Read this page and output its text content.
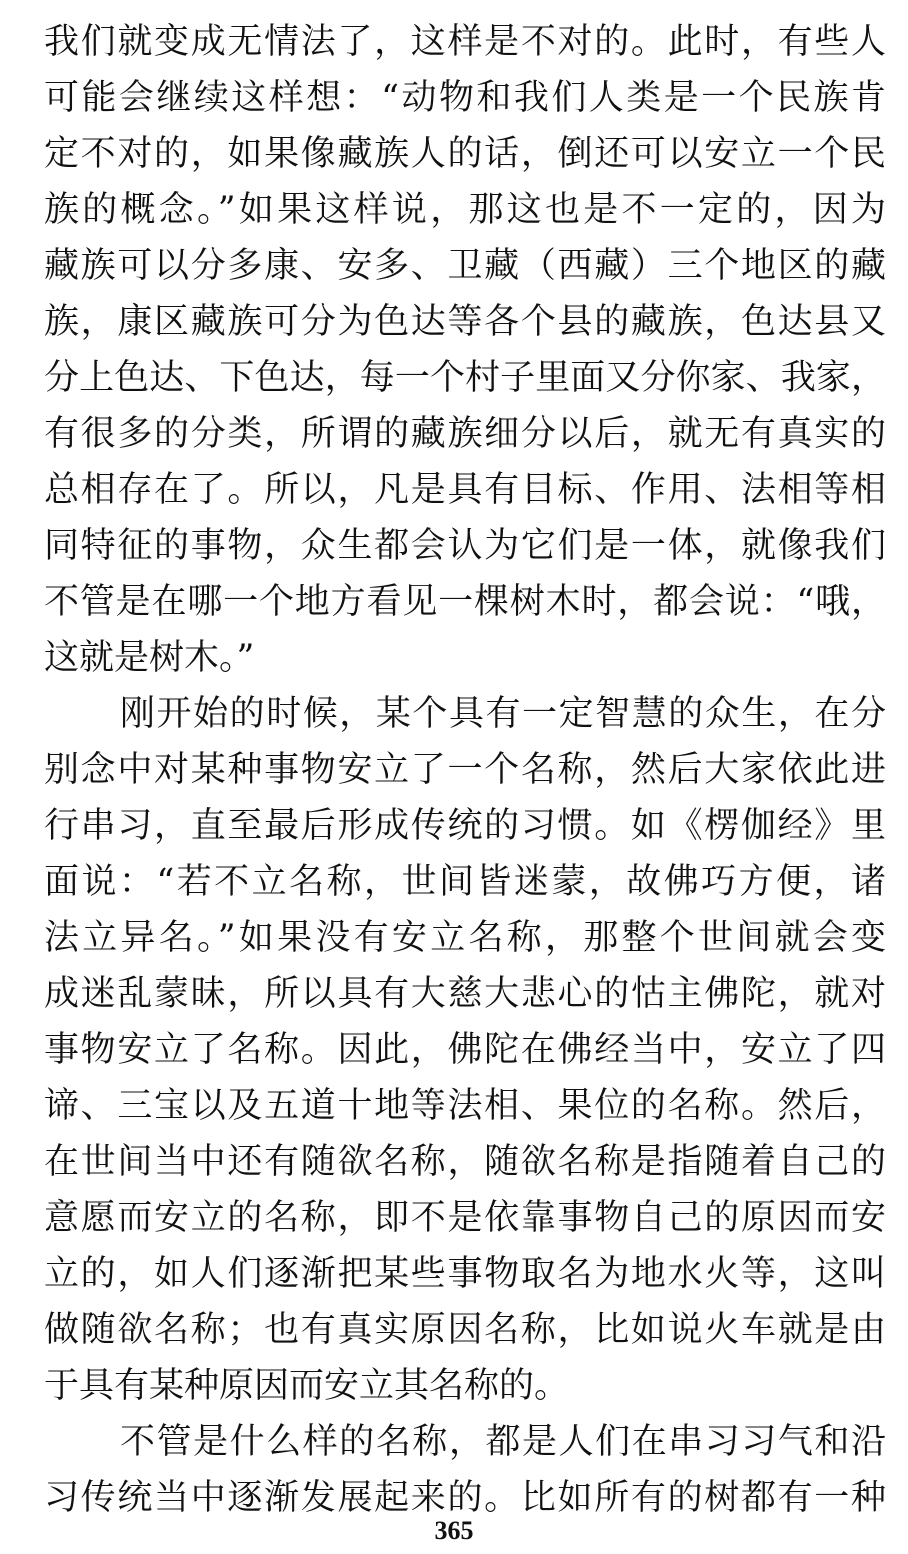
我们就变成无情法了，这样是不对的。此时，有些人
可能会继续这样想：“动物和我们人类是一个民族肯
定不对的，如果像藏族人的话，倒还可以安立一个民
族的概念。”如果这样说，那这也是不一定的，因为
藏族可以分多康、安多、卫藏（西藏）三个地区的藏
族，康区藏族可分为色达等各个县的藏族，色达县又
分上色达、下色达，每一个村子里面又分你家、我家，
有很多的分类，所谓的藏族细分以后，就无有真实的
总相存在了。所以，凡是具有目标、作用、法相等相
同特征的事物，众生都会认为它们是一体，就像我们
不管是在哪一个地方看见一棵树木时，都会说：“哦，
这就是树木。”
刚开始的时候，某个具有一定智慧的众生，在分
别念中对某种事物安立了一个名称，然后大家依此进
行串习，直至最后形成传统的习惯。如《楞伽经》里
面说：“若不立名称，世间皆迷蒙，故佛巧方便，诸
法立异名。”如果没有安立名称，那整个世间就会变
成迷乱蒙昧，所以具有大慈大悲心的怙主佛陀，就对
事物安立了名称。因此，佛陀在佛经当中，安立了四
谛、三宝以及五道十地等法相、果位的名称。然后，
在世间当中还有随欲名称，随欲名称是指随着自己的
意愿而安立的名称，即不是依靠事物自己的原因而安
立的，如人们逐渐把某些事物取名为地水火等，这叫
做随欲名称；也有真实原因名称，比如说火车就是由
于具有某种原因而安立其名称的。
不管是什么样的名称，都是人们在串习习气和沿
习传统当中逐渐发展起来的。比如所有的树都有一种
365
